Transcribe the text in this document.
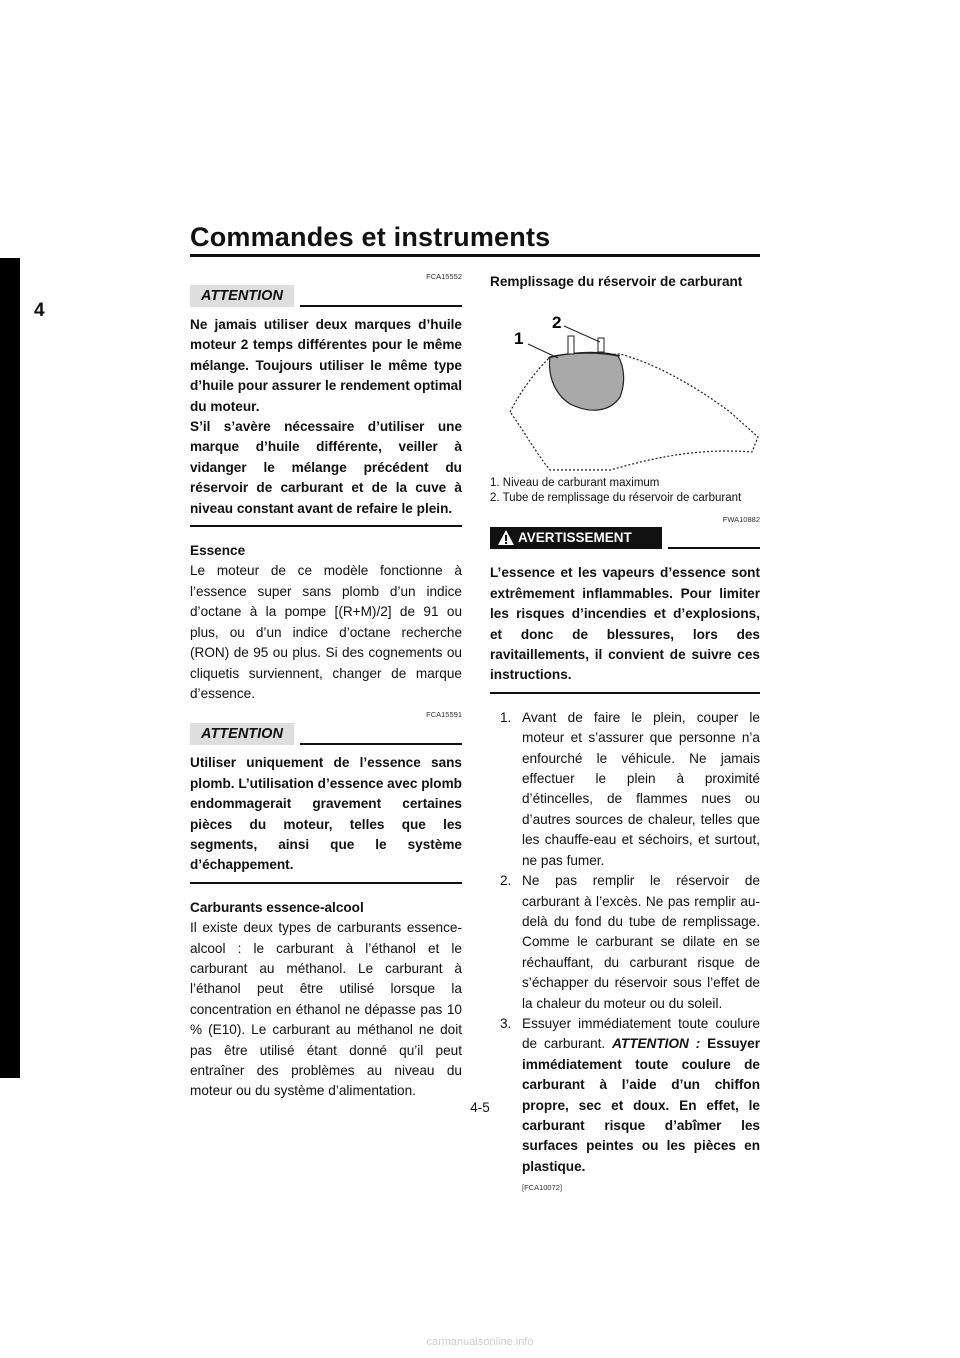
Commandes et instruments
4
FCA15552
ATTENTION

Ne jamais utiliser deux marques d’huile moteur 2 temps différentes pour le même mélange. Toujours utiliser le même type d’huile pour assurer le rendement optimal du moteur.

S’il s’avère nécessaire d’utiliser une marque d’huile différente, veiller à vidanger le mélange précédent du réservoir de carburant et de la cuve à niveau constant avant de refaire le plein.

Essence

Le moteur de ce modèle fonctionne à l’essence super sans plomb d’un indice d’octane à la pompe [(R+M)/2] de 91 ou plus, ou d’un indice d’octane recherche (RON) de 95 ou plus. Si des cognements ou cliquetis surviennent, changer de marque d’essence.

FCA15591
ATTENTION

Utiliser uniquement de l’essence sans plomb. L’utilisation d’essence avec plomb endommagerait gravement certaines pièces du moteur, telles que les segments, ainsi que le système d’échappement.

Carburants essence-alcool

Il existe deux types de carburants essence-alcool : le carburant à l’éthanol et le carburant au méthanol. Le carburant à l’éthanol peut être utilisé lorsque la concentration en éthanol ne dépasse pas 10 % (E10). Le carburant au méthanol ne doit pas être utilisé étant donné qu’il peut entraîner des problèmes au niveau du moteur ou du système d’alimentation.

Remplissage du réservoir de carburant

1
2
1. Niveau de carburant maximum
2. Tube de remplissage du réservoir de carburant
FWA10882
AVERTISSEMENT

L’essence et les vapeurs d’essence sont extrêmement inflammables. Pour limiter les risques d’incendies et d’explosions, et donc de blessures, lors des ravitaillements, il convient de suivre ces instructions.

1. Avant de faire le plein, couper le moteur et s’assurer que personne n’a enfourché le véhicule. Ne jamais effectuer le plein à proximité d’étincelles, de flammes nues ou d’autres sources de chaleur, telles que les chauffe-eau et séchoirs, et surtout, ne pas fumer.
2. Ne pas remplir le réservoir de carburant à l’excès. Ne pas remplir au-delà du fond du tube de remplissage. Comme le carburant se dilate en se réchauffant, du carburant risque de s’échapper du réservoir sous l’effet de la chaleur du moteur ou du soleil.
3. Essuyer immédiatement toute coulure de carburant. ATTENTION : Essuyer immédiatement toute coulure de carburant à l’aide d’un chiffon propre, sec et doux. En effet, le carburant risque d’abîmer les surfaces peintes ou les pièces en plastique.
[FCA10072]
4-5
carmanualsonline.info
